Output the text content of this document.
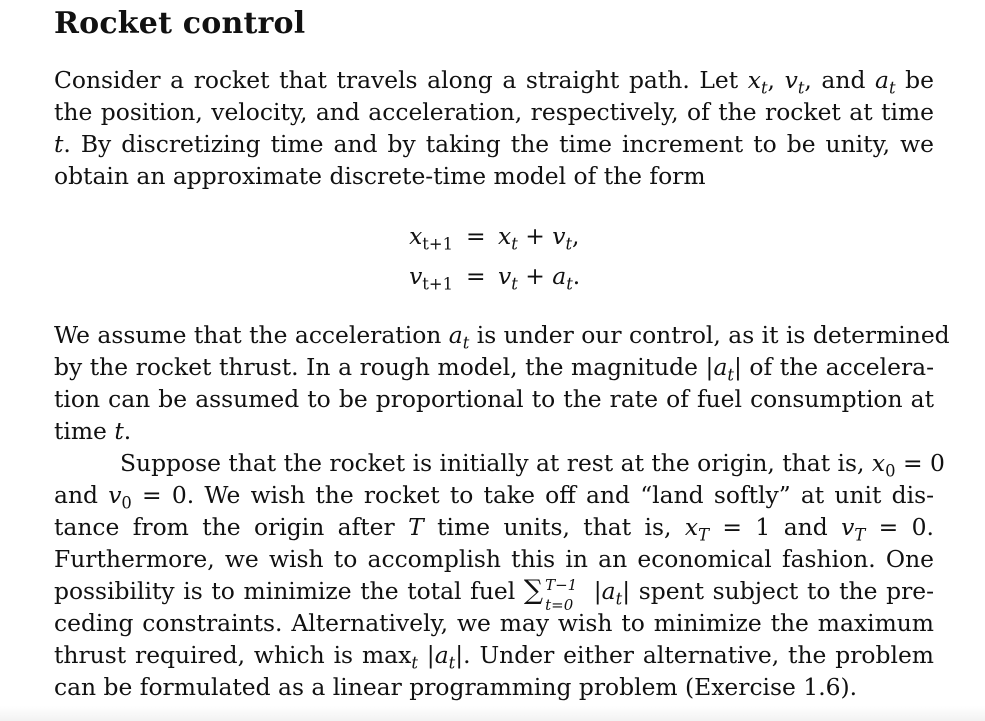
Rocket control
Consider a rocket that travels along a straight path. Let $x_t$, $v_t$, and $a_t$ be
the position, velocity, and acceleration, respectively, of the rocket at time
t. By discretizing time and by taking the time increment to be unity, we
obtain an approximate discrete-time model of the form
$x_{t+1} = x_t + v_t$,
$v_{t+1} = v_t + a_t$.
We assume that the acceleration $a_t$ is under our control, as it is determined
by the rocket thrust. In a rough model, the magnitude $|a_t|$ of the accelera-
tion can be assumed to be proportional to the rate of fuel consumption at
time t.
Suppose that the rocket is initially at rest at the origin, that is, $x_0 = 0$
and $v_0 = 0$. We wish the rocket to take off and “land softly” at unit dis-
tance from the origin after T time units, that is, $x_T = 1$ and $v_T = 0$.
Furthermore, we wish to accomplish this in an economical fashion. One
possibility is to minimize the total fuel ∑ T−1
t=0 $|a_t|$ spent subject to the pre-
ceding constraints. Alternatively, we may wish to minimize the maximum
thrust required, which is $\max_t |a_t|$. Under either alternative, the problem
can be formulated as a linear programming problem (Exercise 1.6).
